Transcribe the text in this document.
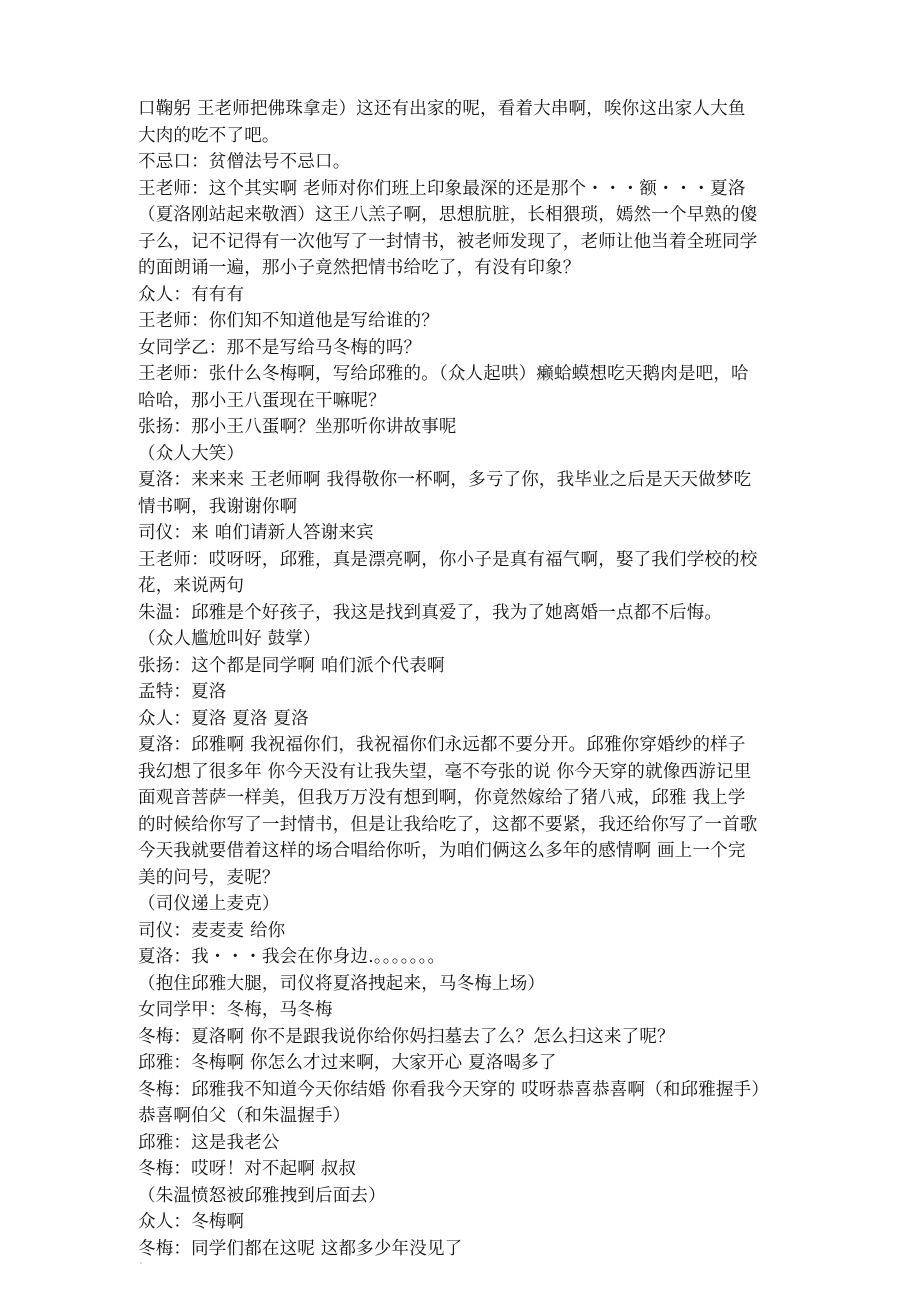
口鞠躬 王老师把佛珠拿走）这还有出家的呢，看着大串啊，唉你这出家人大鱼
大肉的吃不了吧。
不忌口：贫僧法号不忌口。
王老师：这个其实啊 老师对你们班上印象最深的还是那个・・・额・・・夏洛
（夏洛刚站起来敬酒）这王八羔子啊，思想肮脏，长相猥琐，嫣然一个早熟的傻
子么，记不记得有一次他写了一封情书，被老师发现了，老师让他当着全班同学
的面朗诵一遍，那小子竟然把情书给吃了，有没有印象？
众人：有有有
王老师：你们知不知道他是写给谁的？
女同学乙：那不是写给马冬梅的吗？
王老师：张什么冬梅啊，写给邱雅的。（众人起哄）癞蛤蟆想吃天鹅肉是吧，哈
哈哈，那小王八蛋现在干嘛呢？
张扬：那小王八蛋啊？坐那听你讲故事呢
（众人大笑）
夏洛：来来来 王老师啊 我得敬你一杯啊，多亏了你，我毕业之后是天天做梦吃
情书啊，我谢谢你啊
司仪：来 咱们请新人答谢来宾
王老师：哎呀呀，邱雅，真是漂亮啊，你小子是真有福气啊，娶了我们学校的校
花，来说两句
朱温：邱雅是个好孩子，我这是找到真爱了，我为了她离婚一点都不后悔。
（众人尴尬叫好 鼓掌）
张扬：这个都是同学啊 咱们派个代表啊
孟特：夏洛
众人：夏洛 夏洛 夏洛
夏洛：邱雅啊 我祝福你们，我祝福你们永远都不要分开。邱雅你穿婚纱的样子
我幻想了很多年 你今天没有让我失望，毫不夸张的说 你今天穿的就像西游记里
面观音菩萨一样美，但我万万没有想到啊，你竟然嫁给了猪八戒，邱雅 我上学
的时候给你写了一封情书，但是让我给吃了，这都不要紧，我还给你写了一首歌
今天我就要借着这样的场合唱给你听，为咱们俩这么多年的感情啊 画上一个完
美的问号，麦呢？
（司仪递上麦克）
司仪：麦麦麦 给你
夏洛：我・・・我会在你身边.。。。。。。。
（抱住邱雅大腿，司仪将夏洛拽起来，马冬梅上场）
女同学甲：冬梅，马冬梅
冬梅：夏洛啊 你不是跟我说你给你妈扫墓去了么？怎么扫这来了呢？
邱雅：冬梅啊 你怎么才过来啊，大家开心 夏洛喝多了
冬梅：邱雅我不知道今天你结婚 你看我今天穿的 哎呀恭喜恭喜啊（和邱雅握手）
恭喜啊伯父（和朱温握手）
邱雅：这是我老公
冬梅：哎呀！对不起啊 叔叔
（朱温愤怒被邱雅拽到后面去）
众人：冬梅啊
冬梅：同学们都在这呢 这都多少年没见了
